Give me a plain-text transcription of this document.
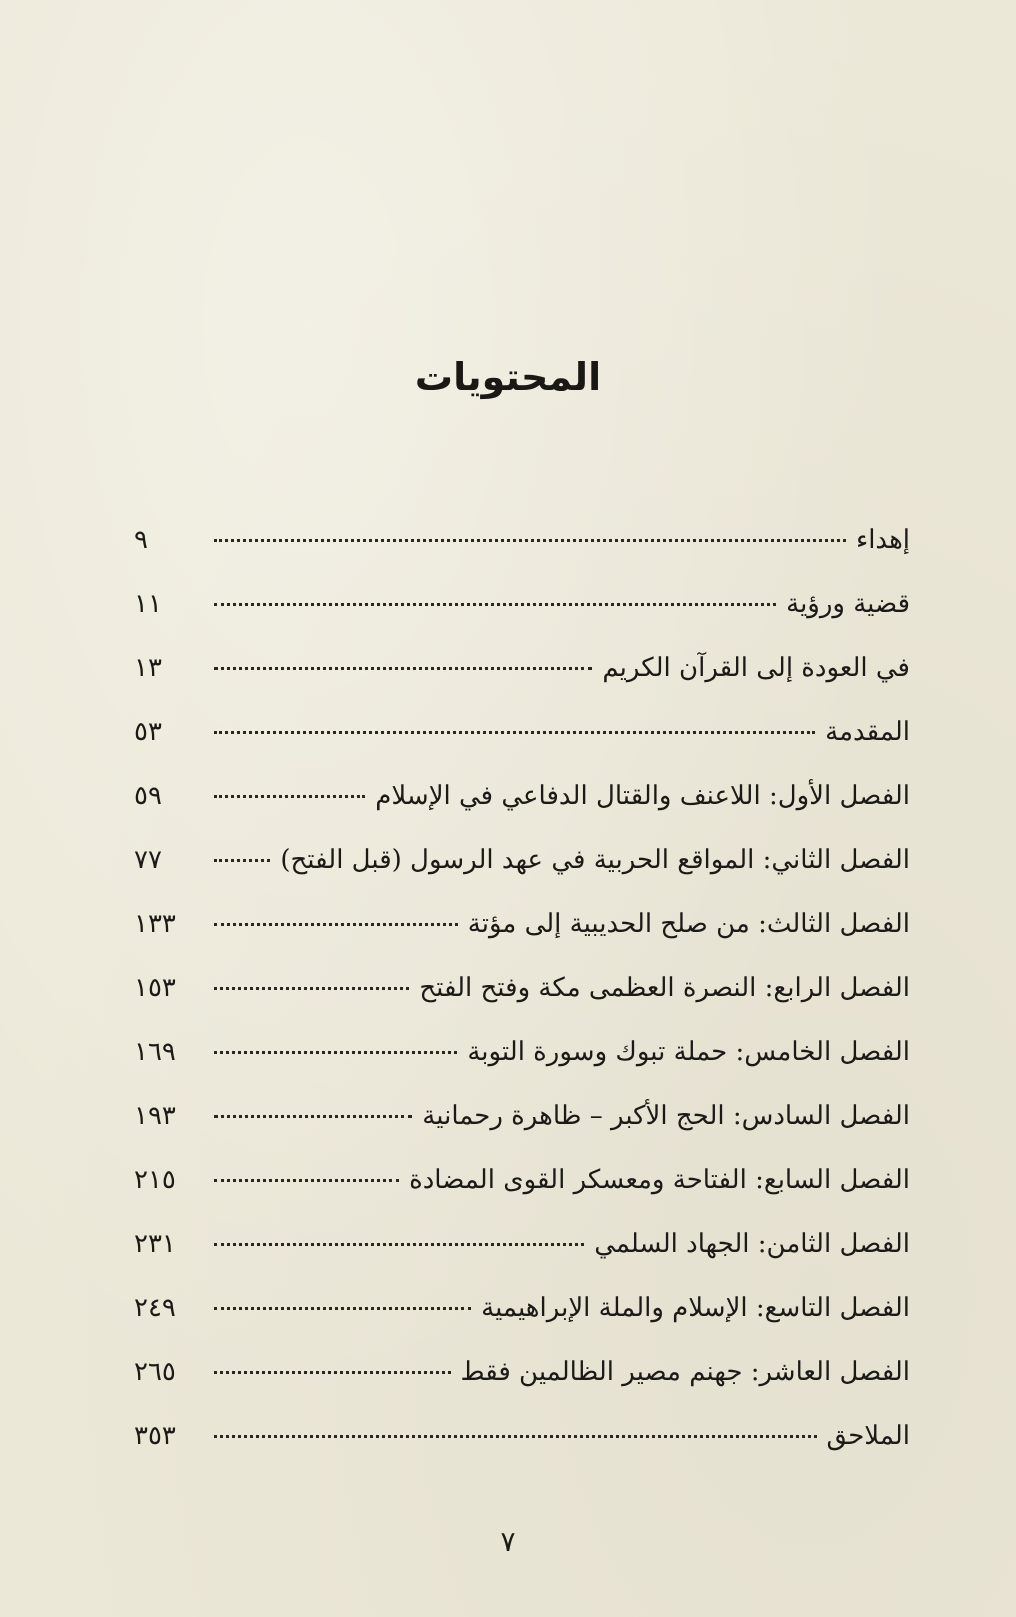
المحتويات
إهداء
٩
قضية ورؤية
١١
في العودة إلى القرآن الكريم
١٣
المقدمة
٥٣
الفصل الأول: اللاعنف والقتال الدفاعي في الإسلام
٥٩
الفصل الثاني: المواقع الحربية في عهد الرسول (قبل الفتح)
٧٧
الفصل الثالث: من صلح الحديبية إلى مؤتة
١٣٣
الفصل الرابع: النصرة العظمى مكة وفتح الفتح
١٥٣
الفصل الخامس: حملة تبوك وسورة التوبة
١٦٩
الفصل السادس: الحج الأكبر – ظاهرة رحمانية
١٩٣
الفصل السابع: الفتاحة ومعسكر القوى المضادة
٢١٥
الفصل الثامن: الجهاد السلمي
٢٣١
الفصل التاسع: الإسلام والملة الإبراهيمية
٢٤٩
الفصل العاشر: جهنم مصير الظالمين فقط
٢٦٥
الملاحق
٣٥٣
٧
